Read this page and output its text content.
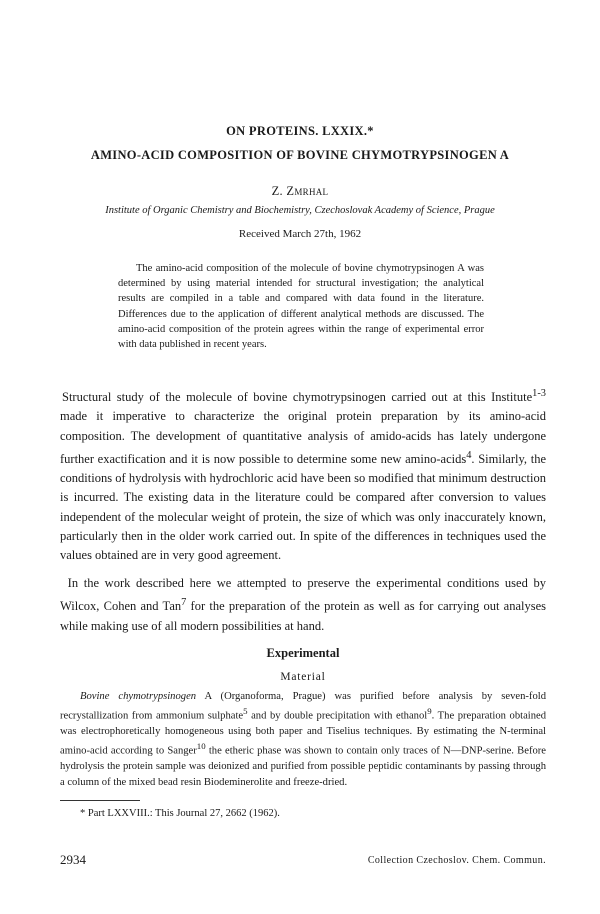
ON PROTEINS. LXXIX.*
AMINO-ACID COMPOSITION OF BOVINE CHYMOTRYPSINOGEN A
Z. Zmrhal
Institute of Organic Chemistry and Biochemistry, Czechoslovak Academy of Science, Prague
Received March 27th, 1962
The amino-acid composition of the molecule of bovine chymotrypsinogen A was determined by using material intended for structural investigation; the analytical results are compiled in a table and compared with data found in the literature. Differences due to the application of different analytical methods are discussed. The amino-acid composition of the protein agrees within the range of experimental error with data published in recent years.
Structural study of the molecule of bovine chymotrypsinogen carried out at this Institute$^{1-3}$ made it imperative to characterize the original protein preparation by its amino-acid composition. The development of quantitative analysis of amido-acids has lately undergone further exactification and it is now possible to determine some new amino-acids$^4$. Similarly, the conditions of hydrolysis with hydrochloric acid have been so modified that minimum destruction is incurred. The existing data in the literature could be compared after conversion to values independent of the molecular weight of protein, the size of which was only inaccurately known, particularly then in the older work carried out. In spite of the differences in techniques used the values obtained are in very good agreement.
In the work described here we attempted to preserve the experimental conditions used by Wilcox, Cohen and Tan$^7$ for the preparation of the protein as well as for carrying out analyses while making use of all modern possibilities at hand.
Experimental
Material
Bovine chymotrypsinogen A (Organoforma, Prague) was purified before analysis by seven-fold recrystallization from ammonium sulphate$^5$ and by double precipitation with ethanol$^9$. The preparation obtained was electrophoretically homogeneous using both paper and Tiselius techniques. By estimating the N-terminal amino-acid according to Sanger$^{10}$ the etheric phase was shown to contain only traces of N—DNP-serine. Before hydrolysis the protein sample was deionized and purified from possible peptidic contaminants by passing through a column of the mixed bead resin Biodeminerolite and freeze-dried.
* Part LXXVIII.: This Journal 27, 2662 (1962).
2934	Collection Czechoslov. Chem. Commun.
